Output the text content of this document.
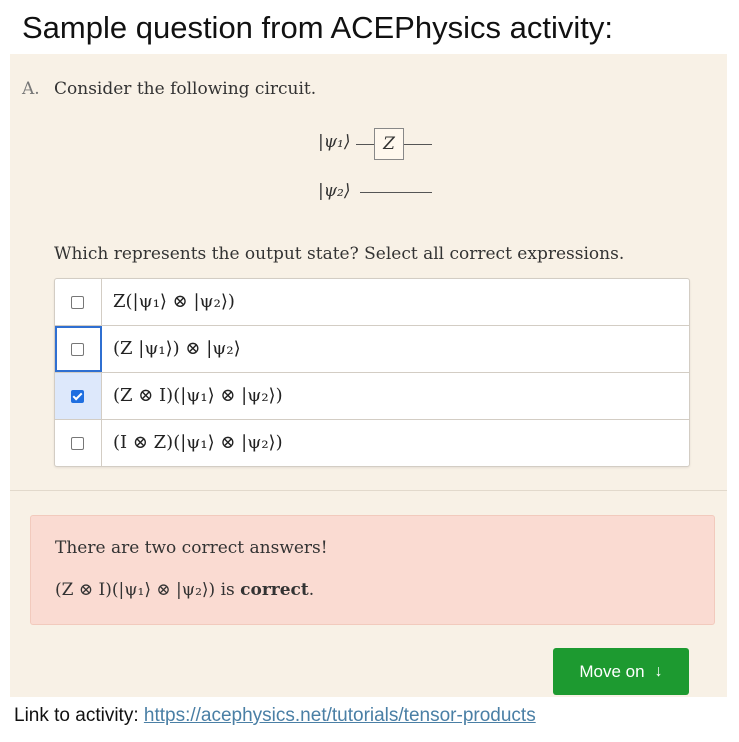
Sample question from ACEPhysics activity:
A. Consider the following circuit.
|ψ₁⟩	Z
|ψ₂⟩
Which represents the output state? Select all correct expressions.
Z(|ψ₁⟩ ⊗ |ψ₂⟩)
(Z |ψ₁⟩) ⊗ |ψ₂⟩
(Z ⊗ I)(|ψ₁⟩ ⊗ |ψ₂⟩)
(I ⊗ Z)(|ψ₁⟩ ⊗ |ψ₂⟩)
There are two correct answers!
(Z ⊗ I)(|ψ₁⟩ ⊗ |ψ₂⟩) is correct.
Move on ↓
Link to activity: https://acephysics.net/tutorials/tensor-products
